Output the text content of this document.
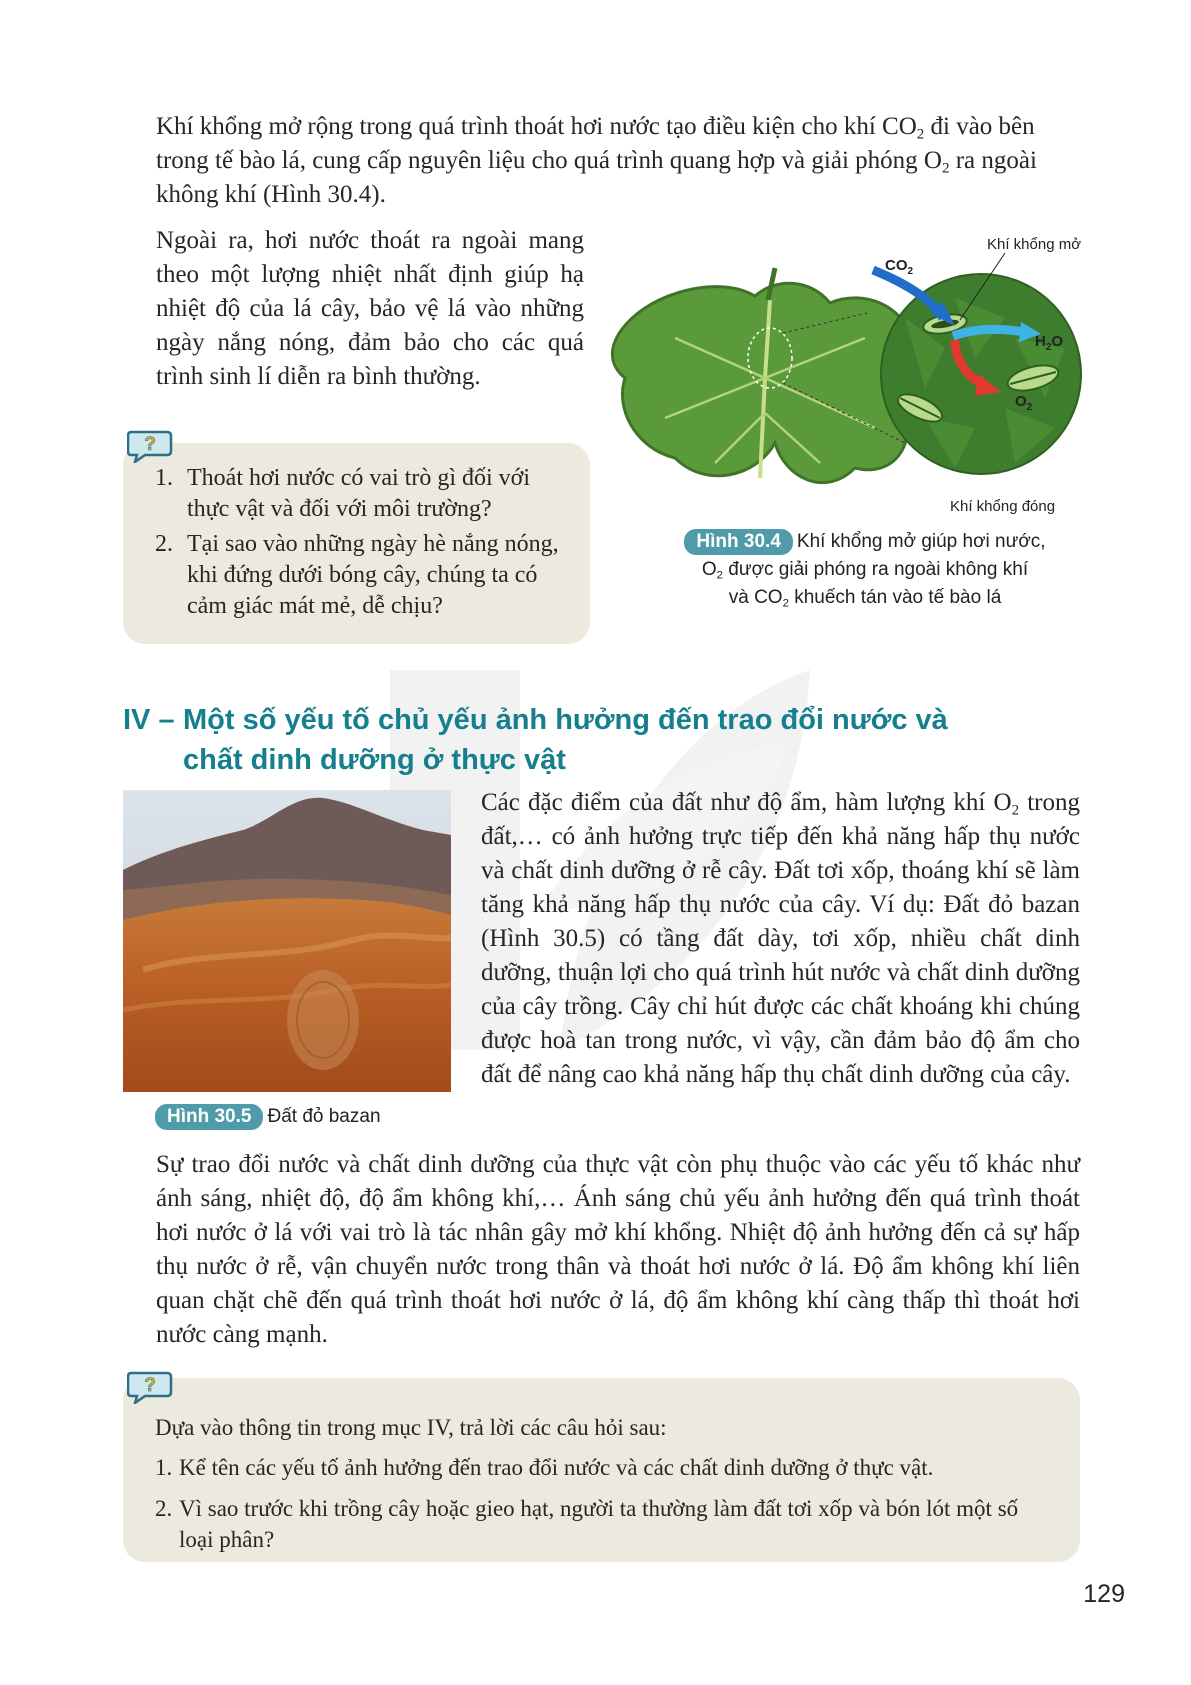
Khí khổng mở rộng trong quá trình thoát hơi nước tạo điều kiện cho khí $CO_2$ đi vào bên trong tế bào lá, cung cấp nguyên liệu cho quá trình quang hợp và giải phóng $O_2$ ra ngoài không khí (Hình 30.4).

Ngoài ra, hơi nước thoát ra ngoài mang theo một lượng nhiệt nhất định giúp hạ nhiệt độ của lá cây, bảo vệ lá vào những ngày nắng nóng, đảm bảo cho các quá trình sinh lí diễn ra bình thường.

?
1. Thoát hơi nước có vai trò gì đối với thực vật và đối với môi trường?
2. Tại sao vào những ngày hè nắng nóng, khi đứng dưới bóng cây, chúng ta có cảm giác mát mẻ, dễ chịu?
Khí khổng mở
$CO_2$
$H_2O$
$O_2$
Khí khổng đóng
Hình 30.4 Khí khổng mở giúp hơi nước,
$O_2$ được giải phóng ra ngoài không khí
và $CO_2$ khuếch tán vào tế bào lá
IV – Một số yếu tố chủ yếu ảnh hưởng đến trao đổi nước và
chất dinh dưỡng ở thực vật
Hình 30.5 Đất đỏ bazan

Các đặc điểm của đất như độ ẩm, hàm lượng khí $O_2$ trong đất,… có ảnh hưởng trực tiếp đến khả năng hấp thụ nước và chất dinh dưỡng ở rễ cây. Đất tơi xốp, thoáng khí sẽ làm tăng khả năng hấp thụ nước của cây. Ví dụ: Đất đỏ bazan (Hình 30.5) có tầng đất dày, tơi xốp, nhiều chất dinh dưỡng, thuận lợi cho quá trình hút nước và chất dinh dưỡng của cây trồng. Cây chỉ hút được các chất khoáng khi chúng được hoà tan trong nước, vì vậy, cần đảm bảo độ ẩm cho đất để nâng cao khả năng hấp thụ chất dinh dưỡng của cây.

Sự trao đổi nước và chất dinh dưỡng của thực vật còn phụ thuộc vào các yếu tố khác như ánh sáng, nhiệt độ, độ ẩm không khí,… Ánh sáng chủ yếu ảnh hưởng đến quá trình thoát hơi nước ở lá với vai trò là tác nhân gây mở khí khổng. Nhiệt độ ảnh hưởng đến cả sự hấp thụ nước ở rễ, vận chuyển nước trong thân và thoát hơi nước ở lá. Độ ẩm không khí liên quan chặt chẽ đến quá trình thoát hơi nước ở lá, độ ẩm không khí càng thấp thì thoát hơi nước càng mạnh.

?

Dựa vào thông tin trong mục IV, trả lời các câu hỏi sau:

1. Kể tên các yếu tố ảnh hưởng đến trao đổi nước và các chất dinh dưỡng ở thực vật.
2. Vì sao trước khi trồng cây hoặc gieo hạt, người ta thường làm đất tơi xốp và bón lót một số loại phân?
129
